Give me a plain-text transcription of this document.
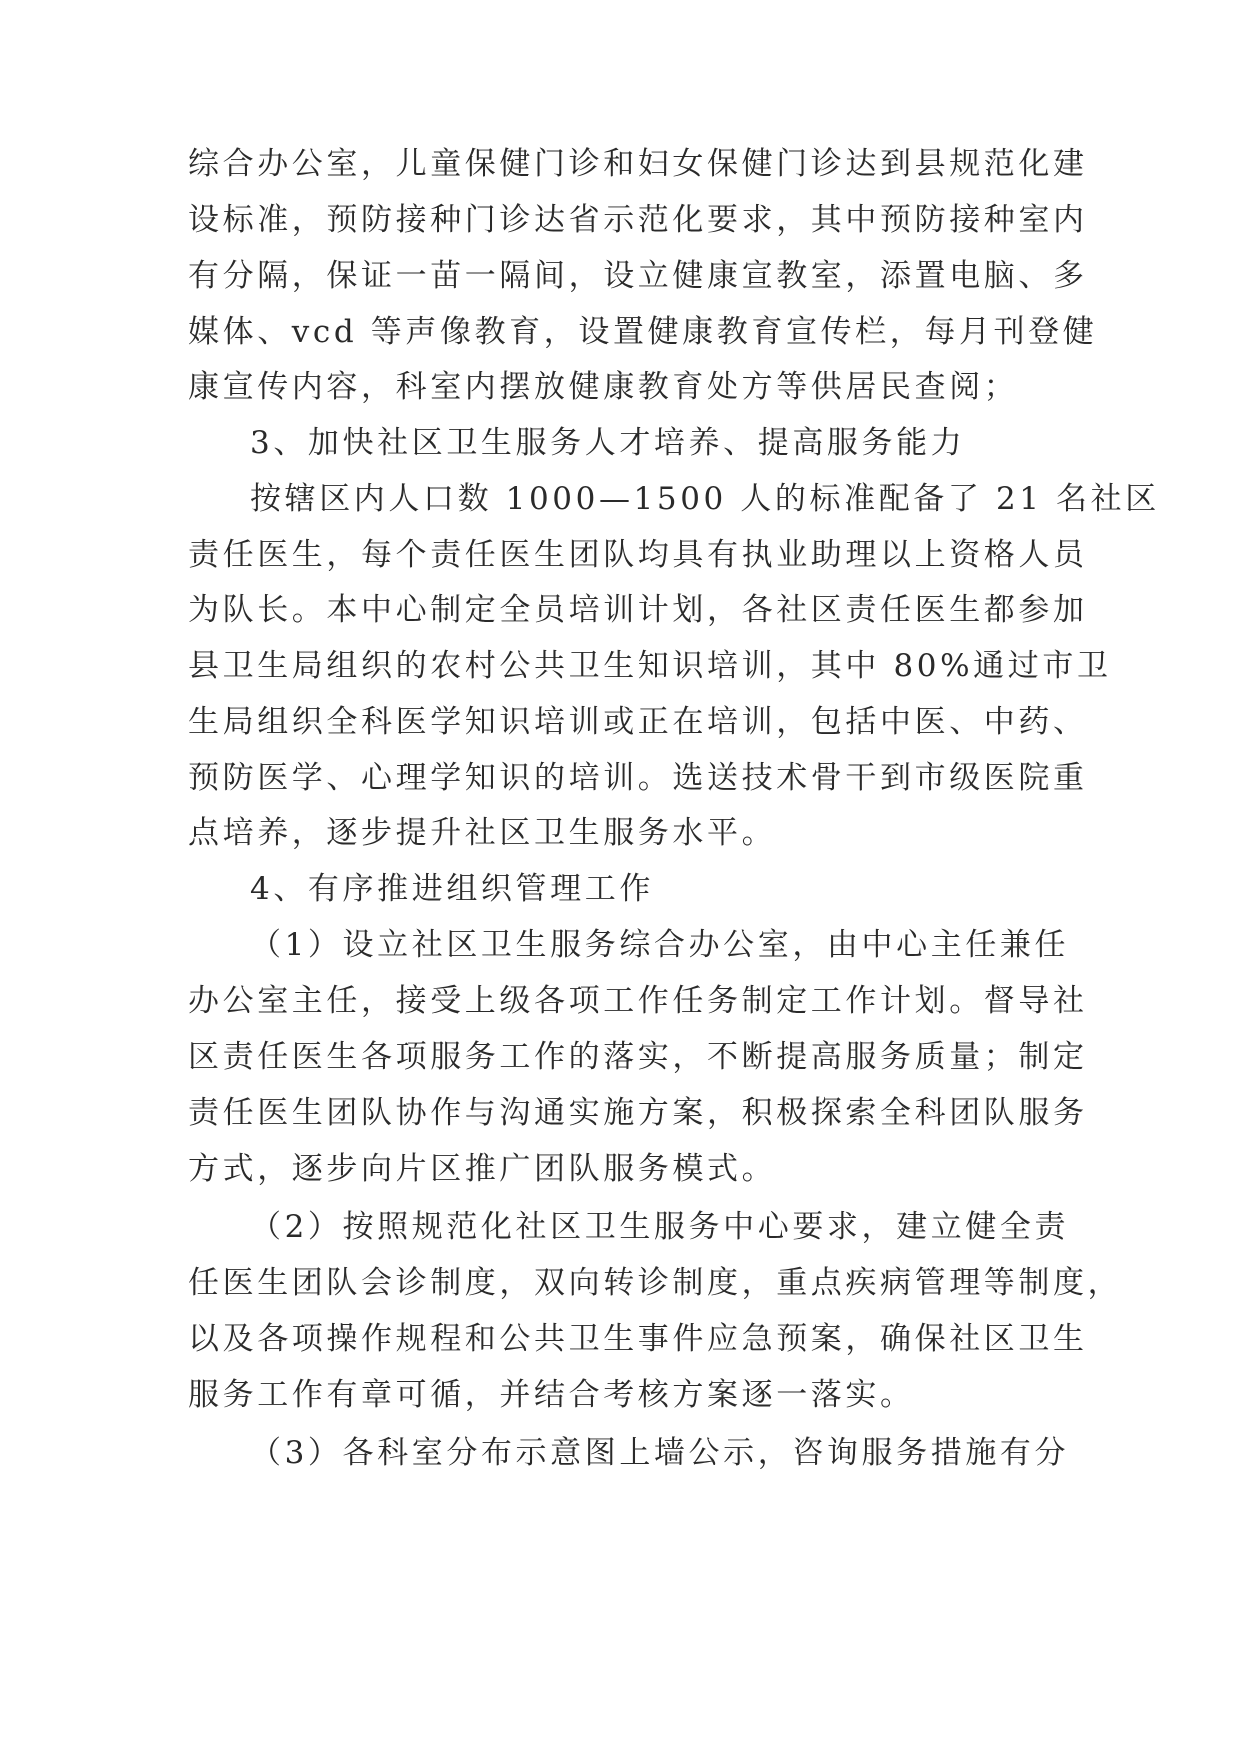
综合办公室，儿童保健门诊和妇女保健门诊达到县规范化建
设标准，预防接种门诊达省示范化要求，其中预防接种室内
有分隔，保证一苗一隔间，设立健康宣教室，添置电脑、多
媒体、vcd 等声像教育，设置健康教育宣传栏，每月刊登健
康宣传内容，科室内摆放健康教育处方等供居民查阅；
3、加快社区卫生服务人才培养、提高服务能力
按辖区内人口数 1000—1500 人的标准配备了 21 名社区
责任医生，每个责任医生团队均具有执业助理以上资格人员
为队长。本中心制定全员培训计划，各社区责任医生都参加
县卫生局组织的农村公共卫生知识培训，其中 80%通过市卫
生局组织全科医学知识培训或正在培训，包括中医、中药、
预防医学、心理学知识的培训。选送技术骨干到市级医院重
点培养，逐步提升社区卫生服务水平。
4、有序推进组织管理工作
（1）设立社区卫生服务综合办公室，由中心主任兼任
办公室主任，接受上级各项工作任务制定工作计划。督导社
区责任医生各项服务工作的落实，不断提高服务质量；制定
责任医生团队协作与沟通实施方案，积极探索全科团队服务
方式，逐步向片区推广团队服务模式。
（2）按照规范化社区卫生服务中心要求，建立健全责
任医生团队会诊制度，双向转诊制度，重点疾病管理等制度，
以及各项操作规程和公共卫生事件应急预案，确保社区卫生
服务工作有章可循，并结合考核方案逐一落实。
（3）各科室分布示意图上墙公示，咨询服务措施有分
